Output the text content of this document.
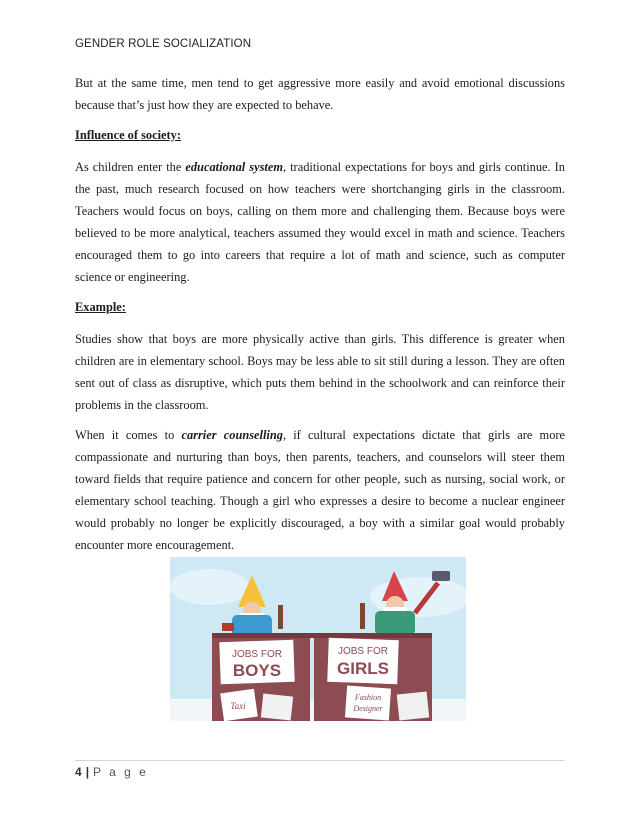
GENDER ROLE SOCIALIZATION

But at the same time, men tend to get aggressive more easily and avoid emotional discussions because that’s just how they are expected to behave.

Influence of society:

As children enter the educational system, traditional expectations for boys and girls continue. In the past, much research focused on how teachers were shortchanging girls in the classroom. Teachers would focus on boys, calling on them more and challenging them. Because boys were believed to be more analytical, teachers assumed they would excel in math and science. Teachers encouraged them to go into careers that require a lot of math and science, such as computer science or engineering.

Example:

Studies show that boys are more physically active than girls. This difference is greater when children are in elementary school. Boys may be less able to sit still during a lesson. They are often sent out of class as disruptive, which puts them behind in the schoolwork and can reinforce their problems in the classroom.

When it comes to carrier counselling, if cultural expectations dictate that girls are more compassionate and nurturing than boys, then parents, teachers, and counselors will steer them toward fields that require patience and concern for other people, such as nursing, social work, or elementary school teaching. Though a girl who expresses a desire to become a nuclear engineer would probably no longer be explicitly discouraged, a boy with a similar goal would probably encounter more encouragement.

JOBS FOR
BOYS
JOBS FOR
GIRLS
Taxi
Fashion
Designer
4 | P a g e
